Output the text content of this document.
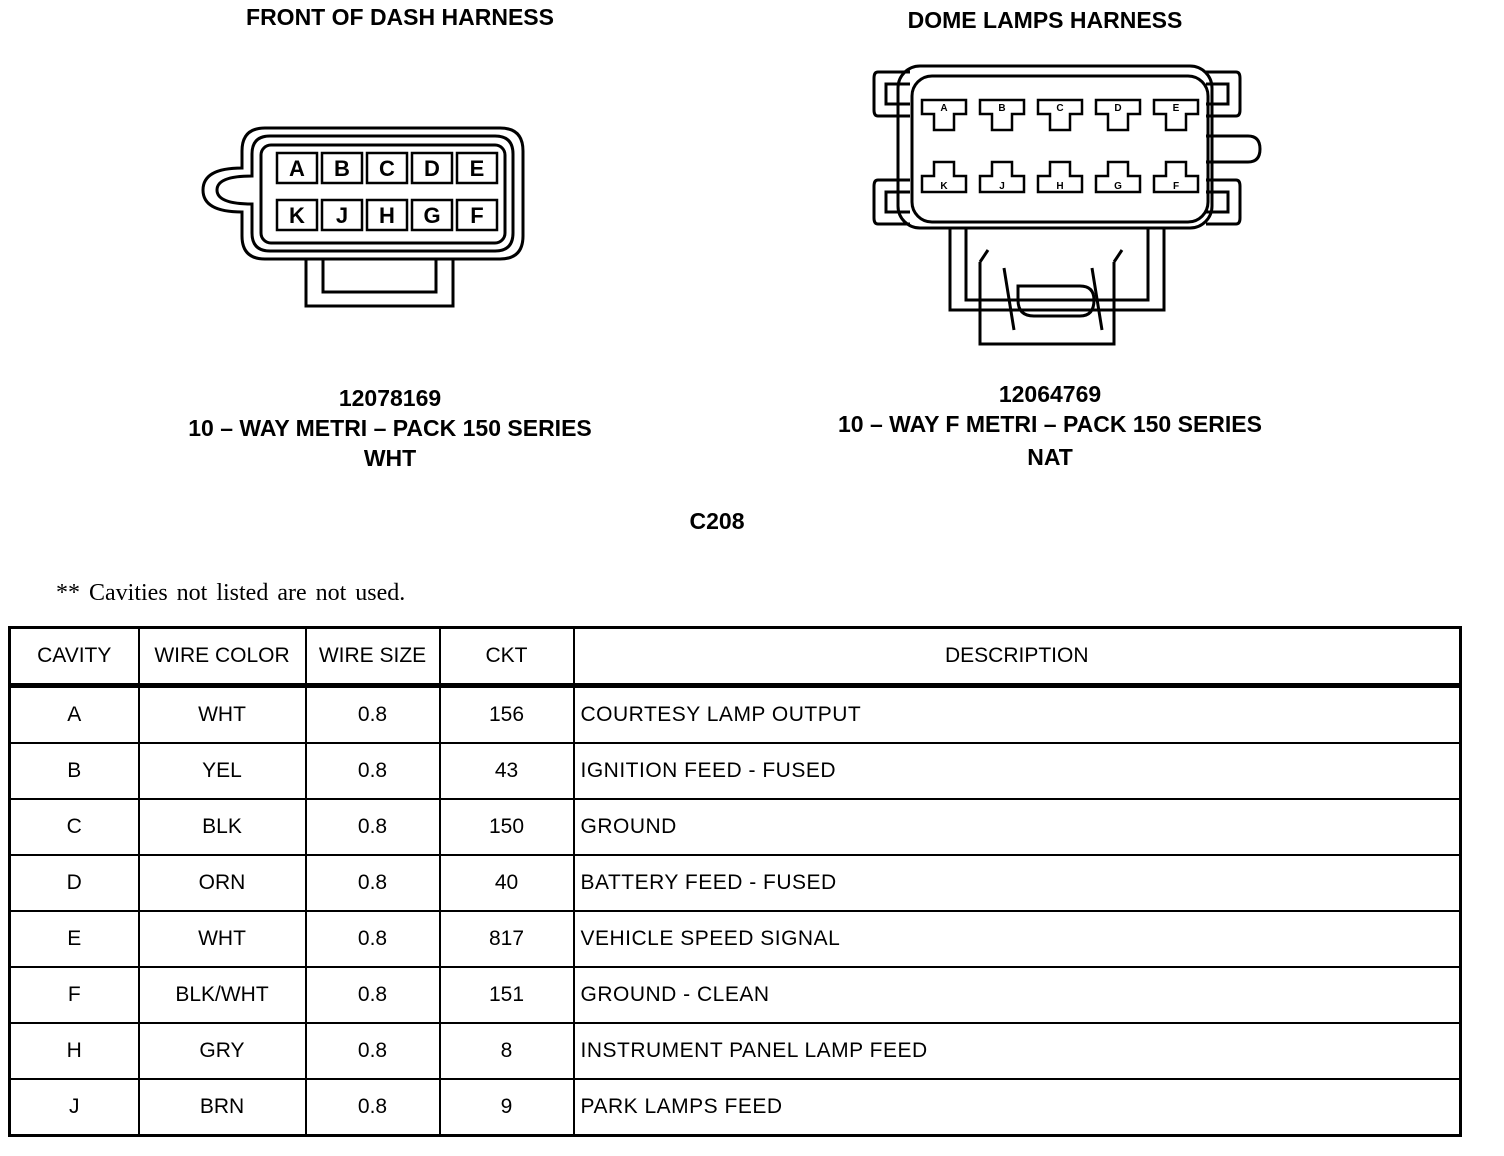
FRONT OF DASH HARNESS	DOME LAMPS HARNESS
A B C D E
K J H G F
A	B	C	D	E
K	J	H	G	F
12078169
10 – WAY METRI – PACK 150 SERIES
WHT
12064769
10 – WAY F METRI – PACK 150 SERIES
NAT
C208
** Cavities not listed are not used.
CAVITY	WIRE COLOR	WIRE SIZE	CKT	DESCRIPTION
A	WHT	0.8	156	COURTESY LAMP OUTPUT
B	YEL	0.8	43	IGNITION FEED - FUSED
C	BLK	0.8	150	GROUND
D	ORN	0.8	40	BATTERY FEED - FUSED
E	WHT	0.8	817	VEHICLE SPEED SIGNAL
F	BLK/WHT	0.8	151	GROUND - CLEAN
H	GRY	0.8	8	INSTRUMENT PANEL LAMP FEED
J	BRN	0.8	9	PARK LAMPS FEED
